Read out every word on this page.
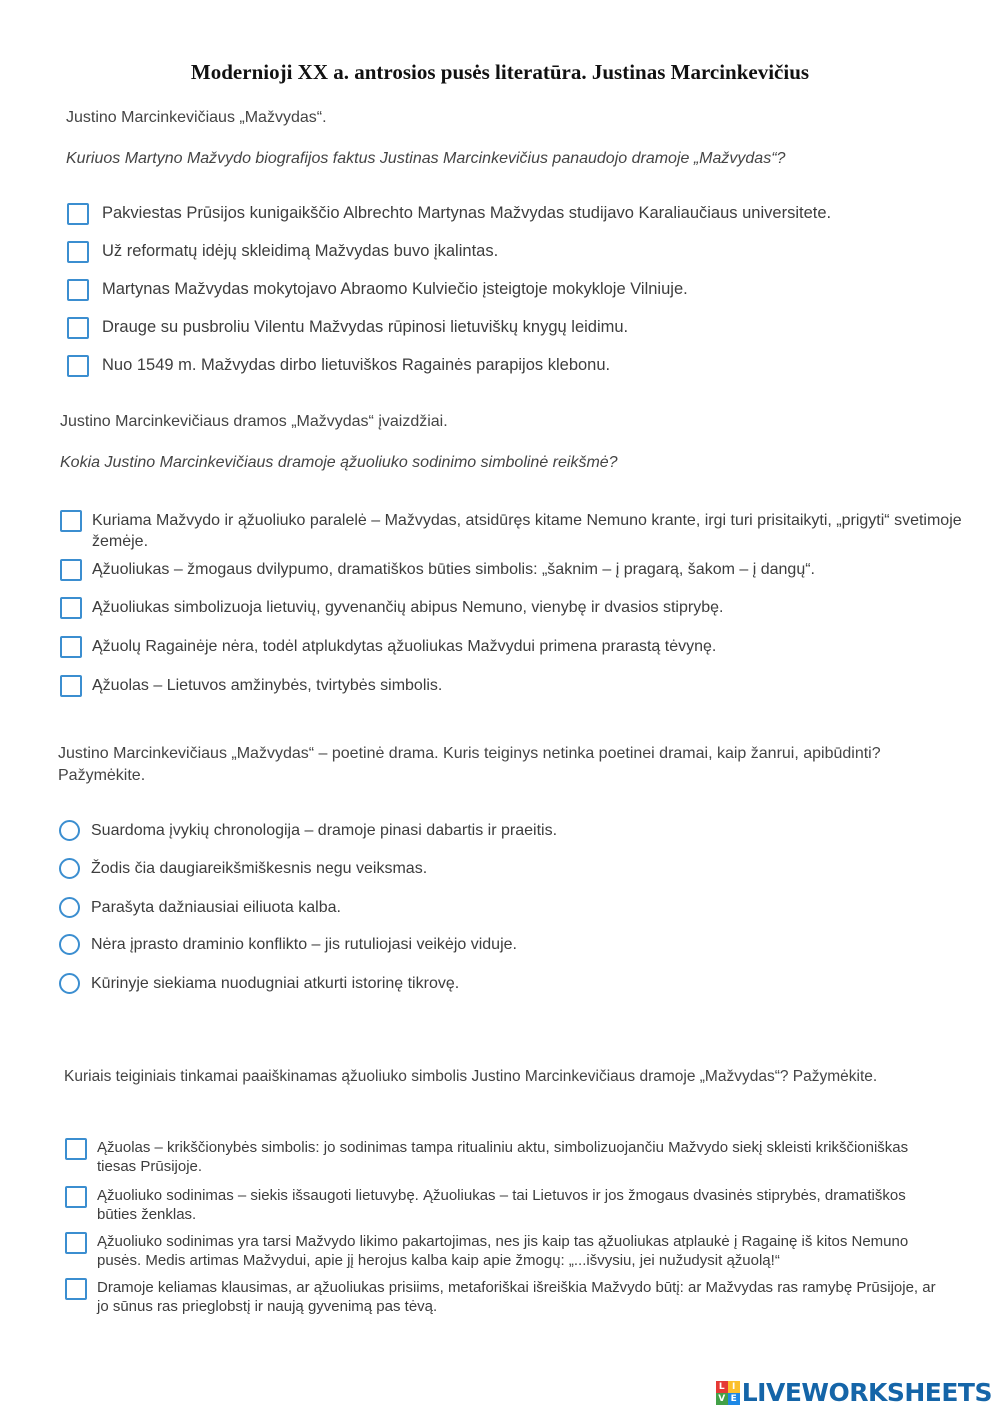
Modernioji XX a. antrosios pusės literatūra. Justinas Marcinkevičius
Justino Marcinkevičiaus „Mažvydas“.
Kuriuos Martyno Mažvydo biografijos faktus Justinas Marcinkevičius panaudojo dramoje „Mažvydas“?
Pakviestas Prūsijos kunigaikščio Albrechto Martynas Mažvydas studijavo Karaliaučiaus universitete.
Už reformatų idėjų skleidimą Mažvydas buvo įkalintas.
Martynas Mažvydas mokytojavo Abraomo Kulviečio įsteigtoje mokykloje Vilniuje.
Drauge su pusbroliu Vilentu Mažvydas rūpinosi lietuviškų knygų leidimu.
Nuo 1549 m. Mažvydas dirbo lietuviškos Ragainės parapijos klebonu.
Justino Marcinkevičiaus dramos „Mažvydas“ įvaizdžiai.
Kokia Justino Marcinkevičiaus dramoje ąžuoliuko sodinimo simbolinė reikšmė?
Kuriama Mažvydo ir ąžuoliuko paralelė – Mažvydas, atsidūręs kitame Nemuno krante, irgi turi prisitaikyti, „prigyti“ svetimoje žemėje.
Ąžuoliukas – žmogaus dvilypumo, dramatiškos būties simbolis: „šaknim – į pragarą, šakom – į dangų“.
Ąžuoliukas simbolizuoja lietuvių, gyvenančių abipus Nemuno, vienybę ir dvasios stiprybę.
Ąžuolų Ragainėje nėra, todėl atplukdytas ąžuoliukas Mažvydui primena prarastą tėvynę.
Ąžuolas – Lietuvos amžinybės, tvirtybės simbolis.
Justino Marcinkevičiaus „Mažvydas“ – poetinė drama. Kuris teiginys netinka poetinei dramai, kaip žanrui, apibūdinti? Pažymėkite.
Suardoma įvykių chronologija – dramoje pinasi dabartis ir praeitis.
Žodis čia daugiareikšmiškesnis negu veiksmas.
Parašyta dažniausiai eiliuota kalba.
Nėra įprasto draminio konflikto – jis rutuliojasi veikėjo viduje.
Kūrinyje siekiama nuodugniai atkurti istorinę tikrovę.
Kuriais teiginiais tinkamai paaiškinamas ąžuoliuko simbolis Justino Marcinkevičiaus dramoje „Mažvydas“? Pažymėkite.
Ąžuolas – krikščionybės simbolis: jo sodinimas tampa ritualiniu aktu, simbolizuojančiu Mažvydo siekį skleisti krikščioniškas tiesas Prūsijoje.
Ąžuoliuko sodinimas – siekis išsaugoti lietuvybę. Ąžuoliukas – tai Lietuvos ir jos žmogaus dvasinės stiprybės, dramatiškos būties ženklas.
Ąžuoliuko sodinimas yra tarsi Mažvydo likimo pakartojimas, nes jis kaip tas ąžuoliukas atplaukė į Ragainę iš kitos Nemuno pusės. Medis artimas Mažvydui, apie jį herojus kalba kaip apie žmogų: „...išvysiu, jei nužudysit ąžuolą!“
Dramoje keliamas klausimas, ar ąžuoliukas prisiims, metaforiškai išreiškia Mažvydo būtį: ar Mažvydas ras ramybę Prūsijoje, ar jo sūnus ras prieglobstį ir naują gyvenimą pas tėvą.
L I
V E LIVEWORKSHEETS
